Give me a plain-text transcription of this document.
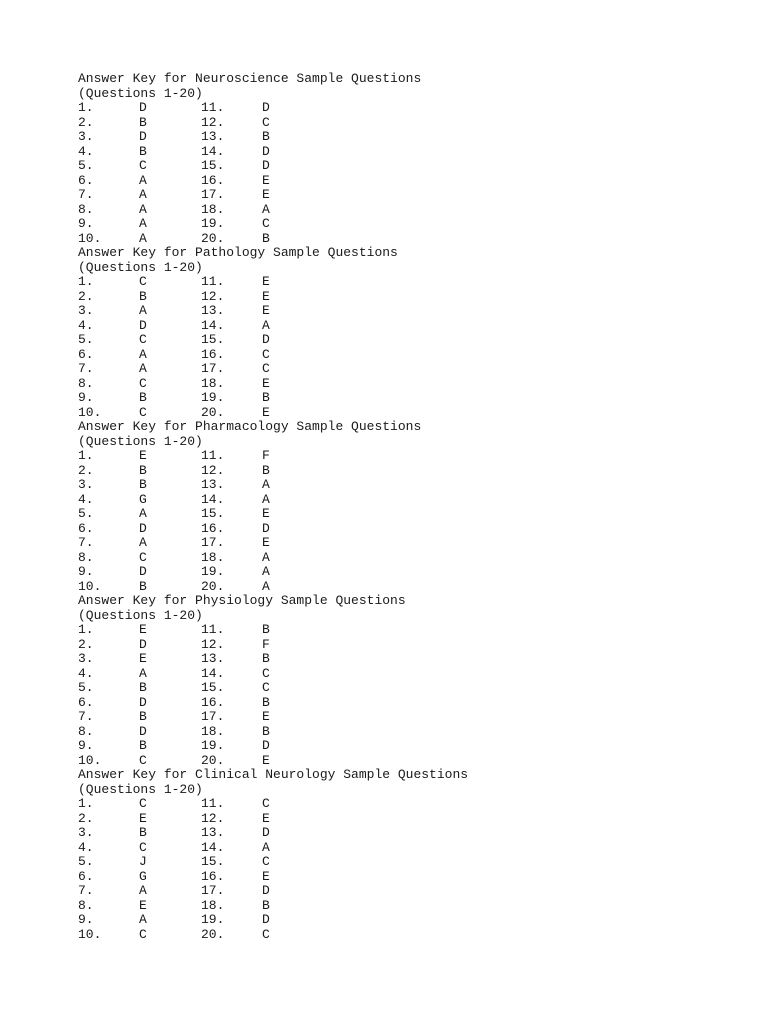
Answer Key for Neuroscience Sample Questions
(Questions 1-20)
1.	D	11.	D
2.	B	12.	C
3.	D	13.	B
4.	B	14.	D
5.	C	15.	D
6.	A	16.	E
7.	A	17.	E
8.	A	18.	A
9.	A	19.	C
10.	A	20.	B
Answer Key for Pathology Sample Questions
(Questions 1-20)
1.	C	11.	E
2.	B	12.	E
3.	A	13.	E
4.	D	14.	A
5.	C	15.	D
6.	A	16.	C
7.	A	17.	C
8.	C	18.	E
9.	B	19.	B
10.	C	20.	E
Answer Key for Pharmacology Sample Questions
(Questions 1-20)
1.	E	11.	F
2.	B	12.	B
3.	B	13.	A
4.	G	14.	A
5.	A	15.	E
6.	D	16.	D
7.	A	17.	E
8.	C	18.	A
9.	D	19.	A
10.	B	20.	A
Answer Key for Physiology Sample Questions
(Questions 1-20)
1.	E	11.	B
2.	D	12.	F
3.	E	13.	B
4.	A	14.	C
5.	B	15.	C
6.	D	16.	B
7.	B	17.	E
8.	D	18.	B
9.	B	19.	D
10.	C	20.	E
Answer Key for Clinical Neurology Sample Questions
(Questions 1-20)
1.	C	11.	C
2.	E	12.	E
3.	B	13.	D
4.	C	14.	A
5.	J	15.	C
6.	G	16.	E
7.	A	17.	D
8.	E	18.	B
9.	A	19.	D
10.	C	20.	C
